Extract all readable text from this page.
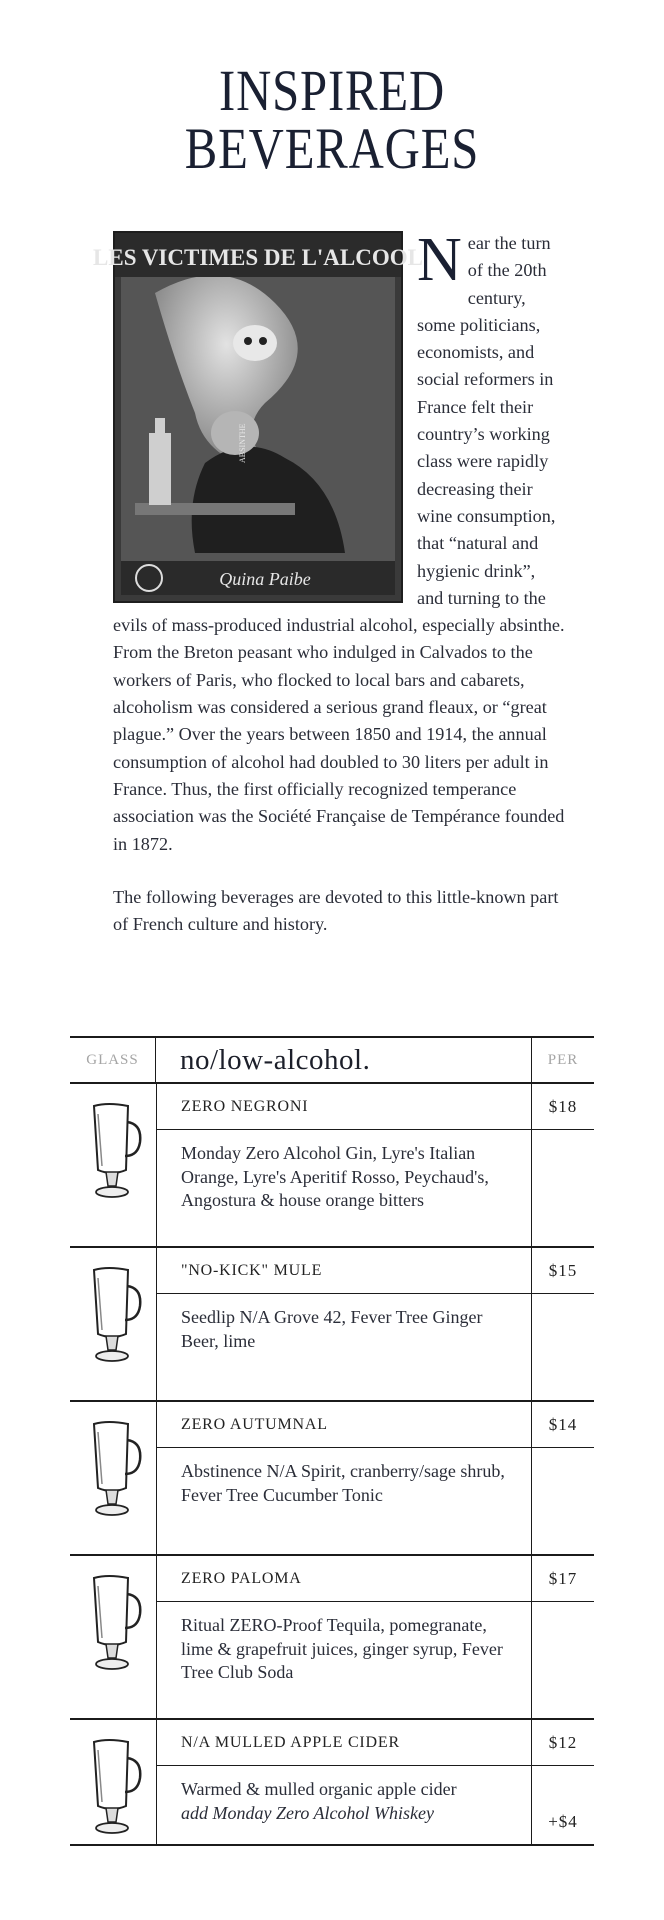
INSPIRED
BEVERAGES
LES VICTIMES DE L'ALCOOL
ABSINTHE
Quina Paibe
N ear the turn of the 20th century, some politicians, economists, and social reformers in France felt their country’s working class were rapidly decreasing their wine consumption, that “natural and hygienic drink”, and turning to the evils of mass-produced industrial alcohol, especially absinthe. From the Breton peasant who indulged in Calvados to the workers of Paris, who flocked to local bars and cabarets, alcoholism was considered a serious grand fleaux, or “great plague.” Over the years between 1850 and 1914, the annual consumption of alcohol had doubled to 30 liters per adult in France. Thus, the first officially recognized temperance association was the Société Française de Tempérance founded in 1872.
The following beverages are devoted to this little-known part of French culture and history.
GLASS	no/low-alcohol.	PER
ZERO NEGRONI
Monday Zero Alcohol Gin, Lyre's Italian Orange, Lyre's Aperitif Rosso, Peychaud's, Angostura & house orange bitters
$18
"NO-KICK" MULE
Seedlip N/A Grove 42, Fever Tree Ginger Beer, lime
$15
ZERO AUTUMNAL
Abstinence N/A Spirit, cranberry/sage shrub, Fever Tree Cucumber Tonic
$14
ZERO PALOMA
Ritual ZERO-Proof Tequila, pomegranate, lime & grapefruit juices, ginger syrup, Fever Tree Club Soda
$17
N/A MULLED APPLE CIDER
Warmed & mulled organic apple cider
add Monday Zero Alcohol Whiskey
$12
+$4
